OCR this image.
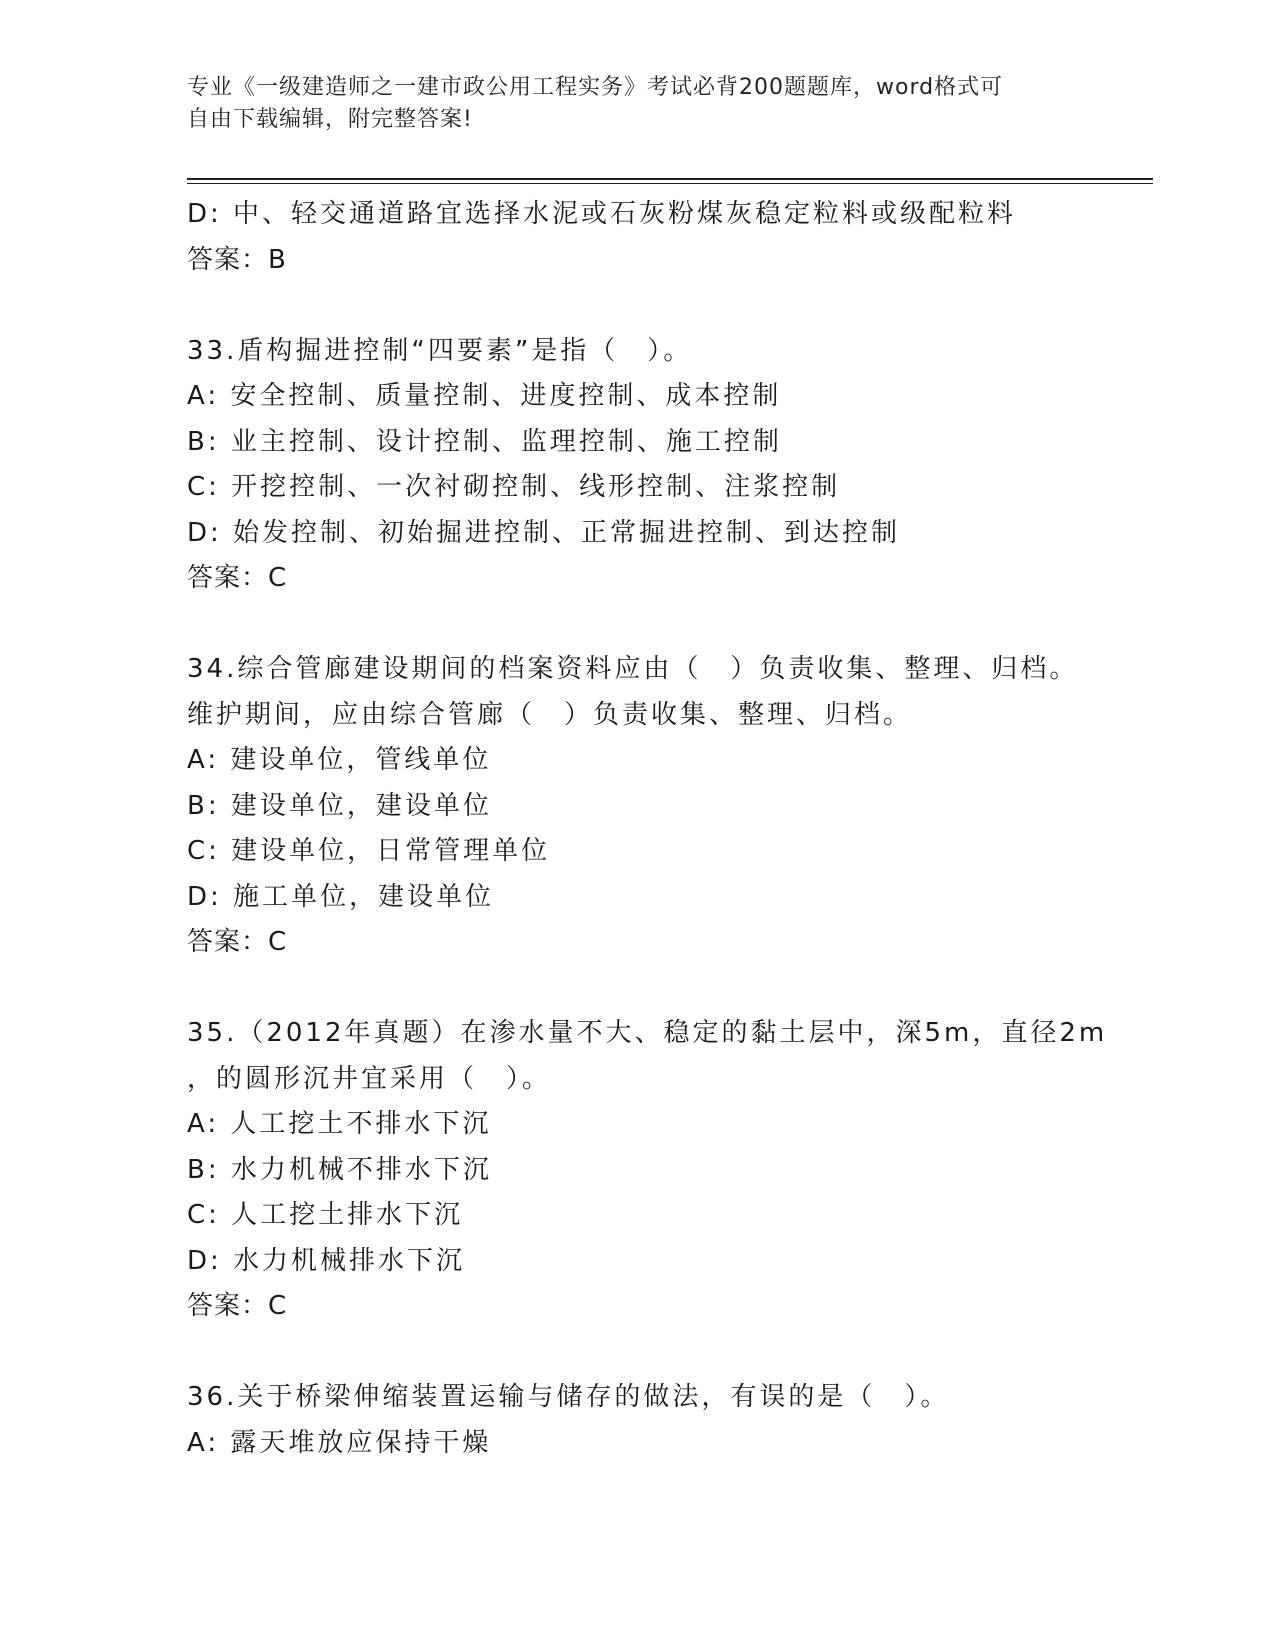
专业《一级建造师之一建市政公用工程实务》考试必背200题题库，word格式可
自由下载编辑，附完整答案!
D: 中、轻交通道路宜选择水泥或石灰粉煤灰稳定粒料或级配粒料
答案：B
33.盾构掘进控制“四要素”是指（　）。
A: 安全控制、质量控制、进度控制、成本控制
B: 业主控制、设计控制、监理控制、施工控制
C: 开挖控制、一次衬砌控制、线形控制、注浆控制
D: 始发控制、初始掘进控制、正常掘进控制、到达控制
答案：C
34.综合管廊建设期间的档案资料应由（　）负责收集、整理、归档。
维护期间，应由综合管廊（　）负责收集、整理、归档。
A: 建设单位，管线单位
B: 建设单位，建设单位
C: 建设单位，日常管理单位
D: 施工单位，建设单位
答案：C
35.（2012年真题）在渗水量不大、稳定的黏土层中，深5m，直径2m
，的圆形沉井宜采用（　）。
A: 人工挖土不排水下沉
B: 水力机械不排水下沉
C: 人工挖土排水下沉
D: 水力机械排水下沉
答案：C
36.关于桥梁伸缩装置运输与储存的做法，有误的是（　）。
A: 露天堆放应保持干燥
